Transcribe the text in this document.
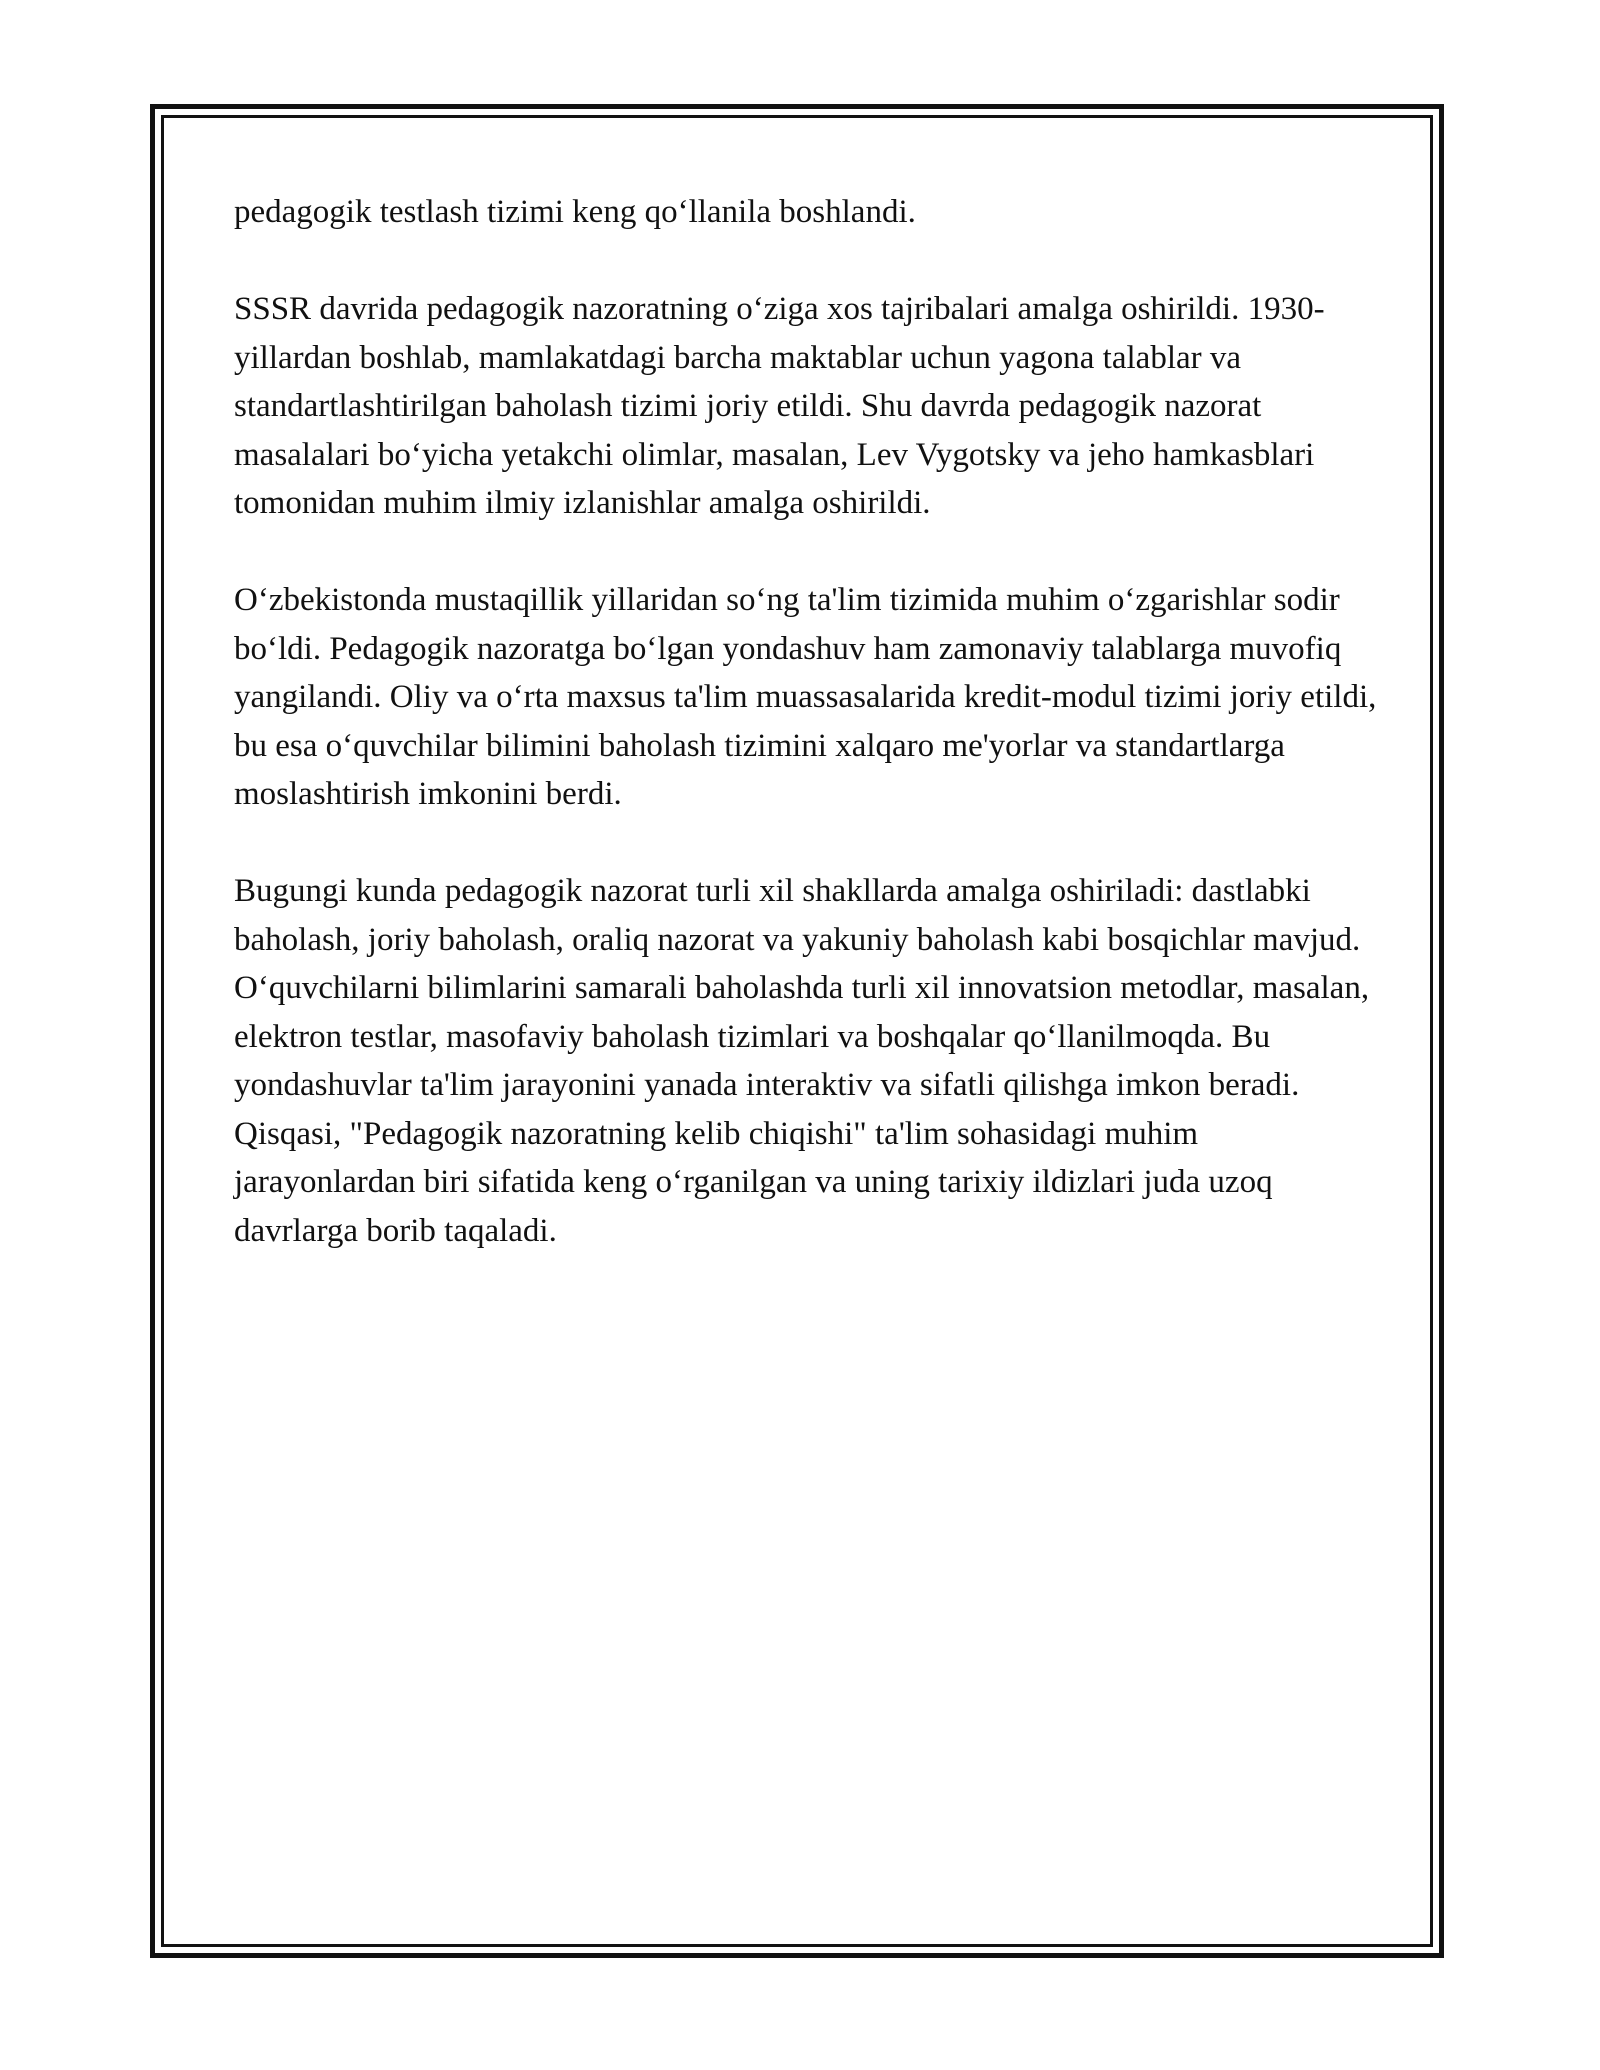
pedagogik testlash tizimi keng qo‘llanila boshlandi.

SSSR davrida pedagogik nazoratning o‘ziga xos tajribalari amalga oshirildi. 1930-yillardan boshlab, mamlakatdagi barcha maktablar uchun yagona talablar va standartlashtirilgan baholash tizimi joriy etildi. Shu davrda pedagogik nazorat masalalari bo‘yicha yetakchi olimlar, masalan, Lev Vygotsky va jeho hamkasblari tomonidan muhim ilmiy izlanishlar amalga oshirildi.

O‘zbekistonda mustaqillik yillaridan so‘ng ta'lim tizimida muhim o‘zgarishlar sodir bo‘ldi. Pedagogik nazoratga bo‘lgan yondashuv ham zamonaviy talablarga muvofiq yangilandi. Oliy va o‘rta maxsus ta'lim muassasalarida kredit-modul tizimi joriy etildi, bu esa o‘quvchilar bilimini baholash tizimini xalqaro me'yorlar va standartlarga moslashtirish imkonini berdi.

Bugungi kunda pedagogik nazorat turli xil shakllarda amalga oshiriladi: dastlabki baholash, joriy baholash, oraliq nazorat va yakuniy baholash kabi bosqichlar mavjud. O‘quvchilarni bilimlarini samarali baholashda turli xil innovatsion metodlar, masalan, elektron testlar, masofaviy baholash tizimlari va boshqalar qo‘llanilmoqda. Bu yondashuvlar ta'lim jarayonini yanada interaktiv va sifatli qilishga imkon beradi. Qisqasi, "Pedagogik nazoratning kelib chiqishi" ta'lim sohasidagi muhim jarayonlardan biri sifatida keng o‘rganilgan va uning tarixiy ildizlari juda uzoq davrlarga borib taqaladi.
